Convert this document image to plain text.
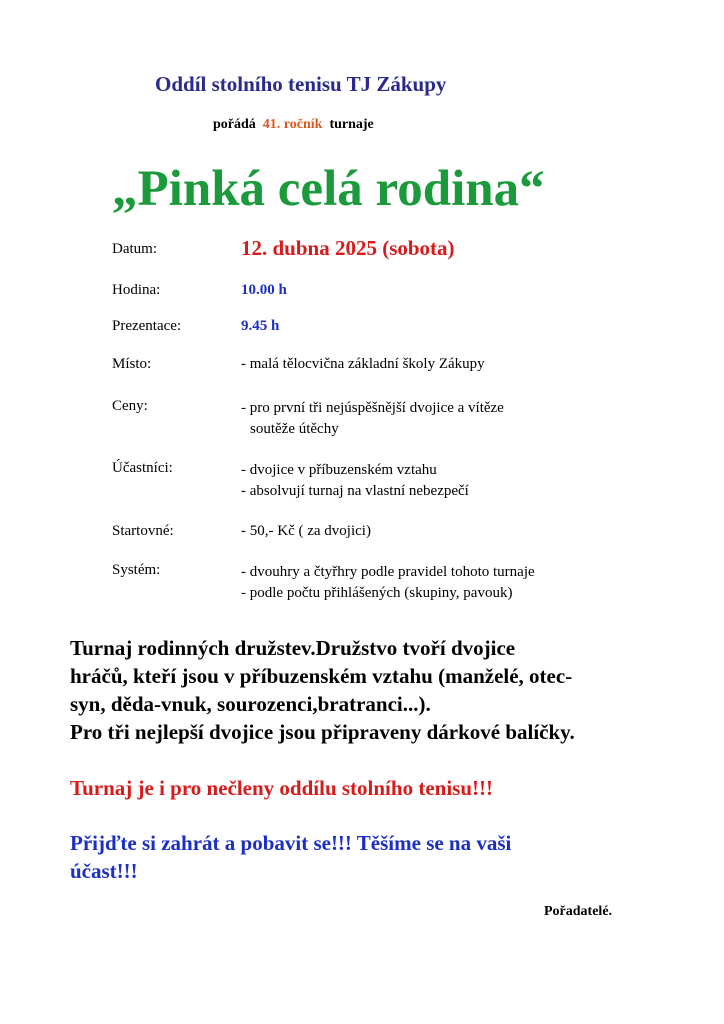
Oddíl stolního tenisu TJ Zákupy
pořádá 41. ročník turnaje
„Pinká celá rodina“
Datum:	12. dubna 2025 (sobota)
Hodina:	10.00 h
Prezentace:	9.45 h
Místo:	- malá tělocvična základní školy Zákupy
Ceny:	- pro první tři nejúspěšnější dvojice a vítěze
soutěže útěchy
Účastníci:	- dvojice v příbuzenském vztahu
- absolvují turnaj na vlastní nebezpečí
Startovné:	- 50,- Kč ( za dvojici)
Systém:	- dvouhry a čtyřhry podle pravidel tohoto turnaje
- podle počtu přihlášených (skupiny, pavouk)
Turnaj rodinných družstev.Družstvo tvoří dvojice
hráčů, kteří jsou v příbuzenském vztahu (manželé, otec-
syn, děda-vnuk, sourozenci,bratranci...).
Pro tři nejlepší dvojice jsou připraveny dárkové balíčky.
Turnaj je i pro nečleny oddílu stolního tenisu!!!
Přijďte si zahrát a pobavit se!!! Těšíme se na vaši
účast!!!
Pořadatelé.
